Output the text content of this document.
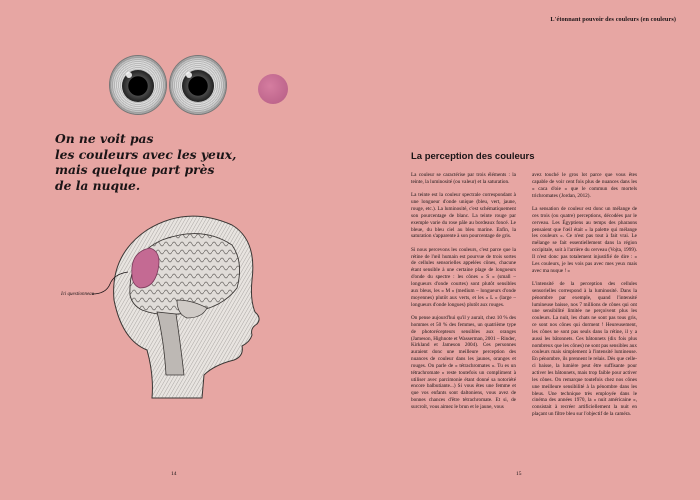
L'étonnant pouvoir des couleurs (en couleurs)
On ne voit pas
les couleurs avec les yeux,
mais quelque part près
de la nuque.
Ici questionneau
14
La perception des couleurs

La couleur se caractérise par trois éléments : la teinte, la luminosité (ou valeur) et la saturation.

La teinte est la couleur spectrale correspondant à une longueur d'onde unique (bleu, vert, jaune, rouge, etc.). La luminosité, c'est schématiquement son pourcentage de blanc. La teinte rouge par exemple varie du rose pâle au bordeaux foncé. Le bleue, du bleu ciel au bleu marine. Enfin, la saturation s'apparente à son pourcentage de gris.

Si nous percevons les couleurs, c'est parce que la rétine de l'œil humain est pourvue de trois sortes de cellules sensorielles appelées cônes, chacune étant sensible à une certaine plage de longueurs d'onde du spectre : les cônes « S » (small – longueurs d'onde courtes) sont plutôt sensibles aux bleus, les « M » (medium – longueurs d'onde moyennes) plutôt aux verts, et les « L » (large – longueurs d'onde longues) plutôt aux rouges.

On pense aujourd'hui qu'il y aurait, chez 10 % des hommes et 50 % des femmes, un quatrième type de photorécepteurs sensibles aux oranges (Jameson, Highnote et Wasserman, 2001 – Rinder, Kirkland et Jameson 2004). Ces personnes auraient donc une meilleure perception des nuances de couleur dans les jaunes, oranges et rouges. On parle de « tétrachromates ». Tu es un tétrachromate » reste toutefois un compliment à utiliser avec parcimonie étant donné sa notoriété encore balbutiante...) Si vous êtes une femme et que vos enfants sont daltoniens, vous avez de bonnes chances d'être tétrachromate. Et si, de surcroît, vous aimez le brun et le jaune, vous

avez touché le gros lot parce que vous êtes capable de voir cent fois plus de nuances dans les « caca d'oie » que le commun des mortels trichromates (Jordan, 2012).

La sensation de couleur est donc un mélange de ces trois (ou quatre) perceptions, décodées par le cerveau. Les Égyptiens au temps des pharaons pensaient que l'œil était « la palette qui mélange les couleurs ». Ce n'est pas tout à fait vrai. Le mélange se fait essentiellement dans la région occipitale, soit à l'arrière du cerveau (Vojta, 1999). Il n'est donc pas totalement injustifié de dire : « Les couleurs, je les vois pas avec mes yeux mais avec ma nuque ! »

L'intensité de la perception des cellules sensorielles correspond à la luminosité. Dans la pénombre par exemple, quand l'intensité lumineuse baisse, nos 7 millions de cônes qui ont une sensibilité limitée ne perçoivent plus les couleurs. La nuit, les chats ne sont pas tous gris, ce sont nos cônes qui dorment ! Heureusement, les cônes ne sont pas seuls dans la rétine, il y a aussi les bâtonnets. Ces bâtonnets (dix fois plus nombreux que les cônes) ne sont pas sensibles aux couleurs mais simplement à l'intensité lumineuse. En pénombre, ils prennent le relais. Dès que celle-ci baisse, la lumière peut être suffisante pour activer les bâtonnets, mais trop faible pour activer les cônes. On remarque toutefois chez nos cônes une meilleure sensibilité à la pénombre dans les bleus. Une technique très employée dans le cinéma des années 1970, la « nuit américaine », consistait à recréer artificiellement la nuit en plaçant un filtre bleu sur l'objectif de la caméra.

15
